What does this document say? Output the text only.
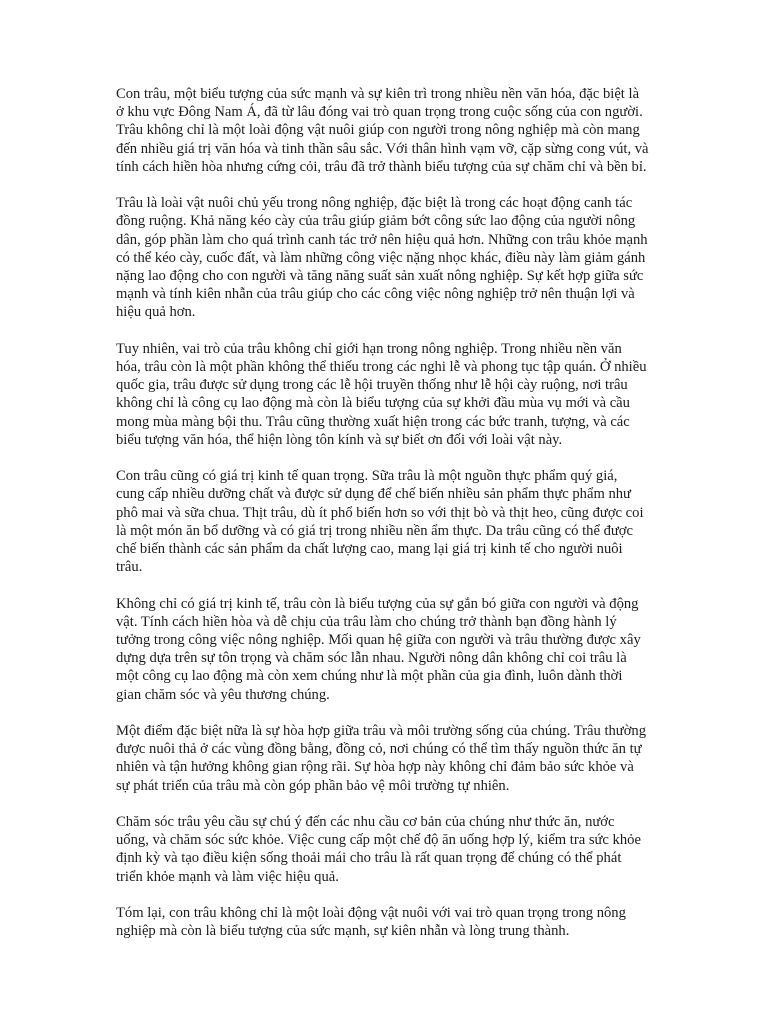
Con trâu, một biểu tượng của sức mạnh và sự kiên trì trong nhiều nền văn hóa, đặc biệt là ở khu vực Đông Nam Á, đã từ lâu đóng vai trò quan trọng trong cuộc sống của con người. Trâu không chỉ là một loài động vật nuôi giúp con người trong nông nghiệp mà còn mang đến nhiều giá trị văn hóa và tinh thần sâu sắc. Với thân hình vạm vỡ, cặp sừng cong vút, và tính cách hiền hòa nhưng cứng cỏi, trâu đã trở thành biểu tượng của sự chăm chỉ và bền bỉ.

Trâu là loài vật nuôi chủ yếu trong nông nghiệp, đặc biệt là trong các hoạt động canh tác đồng ruộng. Khả năng kéo cày của trâu giúp giảm bớt công sức lao động của người nông dân, góp phần làm cho quá trình canh tác trở nên hiệu quả hơn. Những con trâu khỏe mạnh có thể kéo cày, cuốc đất, và làm những công việc nặng nhọc khác, điều này làm giảm gánh nặng lao động cho con người và tăng năng suất sản xuất nông nghiệp. Sự kết hợp giữa sức mạnh và tính kiên nhẫn của trâu giúp cho các công việc nông nghiệp trở nên thuận lợi và hiệu quả hơn.

Tuy nhiên, vai trò của trâu không chỉ giới hạn trong nông nghiệp. Trong nhiều nền văn hóa, trâu còn là một phần không thể thiếu trong các nghi lễ và phong tục tập quán. Ở nhiều quốc gia, trâu được sử dụng trong các lễ hội truyền thống như lễ hội cày ruộng, nơi trâu không chỉ là công cụ lao động mà còn là biểu tượng của sự khởi đầu mùa vụ mới và cầu mong mùa màng bội thu. Trâu cũng thường xuất hiện trong các bức tranh, tượng, và các biểu tượng văn hóa, thể hiện lòng tôn kính và sự biết ơn đối với loài vật này.

Con trâu cũng có giá trị kinh tế quan trọng. Sữa trâu là một nguồn thực phẩm quý giá, cung cấp nhiều dưỡng chất và được sử dụng để chế biến nhiều sản phẩm thực phẩm như phô mai và sữa chua. Thịt trâu, dù ít phổ biến hơn so với thịt bò và thịt heo, cũng được coi là một món ăn bổ dưỡng và có giá trị trong nhiều nền ẩm thực. Da trâu cũng có thể được chế biến thành các sản phẩm da chất lượng cao, mang lại giá trị kinh tế cho người nuôi trâu.

Không chỉ có giá trị kinh tế, trâu còn là biểu tượng của sự gắn bó giữa con người và động vật. Tính cách hiền hòa và dễ chịu của trâu làm cho chúng trở thành bạn đồng hành lý tưởng trong công việc nông nghiệp. Mối quan hệ giữa con người và trâu thường được xây dựng dựa trên sự tôn trọng và chăm sóc lẫn nhau. Người nông dân không chỉ coi trâu là một công cụ lao động mà còn xem chúng như là một phần của gia đình, luôn dành thời gian chăm sóc và yêu thương chúng.

Một điểm đặc biệt nữa là sự hòa hợp giữa trâu và môi trường sống của chúng. Trâu thường được nuôi thả ở các vùng đồng bằng, đồng cỏ, nơi chúng có thể tìm thấy nguồn thức ăn tự nhiên và tận hưởng không gian rộng rãi. Sự hòa hợp này không chỉ đảm bảo sức khỏe và sự phát triển của trâu mà còn góp phần bảo vệ môi trường tự nhiên.

Chăm sóc trâu yêu cầu sự chú ý đến các nhu cầu cơ bản của chúng như thức ăn, nước uống, và chăm sóc sức khỏe. Việc cung cấp một chế độ ăn uống hợp lý, kiểm tra sức khỏe định kỳ và tạo điều kiện sống thoải mái cho trâu là rất quan trọng để chúng có thể phát triển khỏe mạnh và làm việc hiệu quả.

Tóm lại, con trâu không chỉ là một loài động vật nuôi với vai trò quan trọng trong nông nghiệp mà còn là biểu tượng của sức mạnh, sự kiên nhẫn và lòng trung thành.
